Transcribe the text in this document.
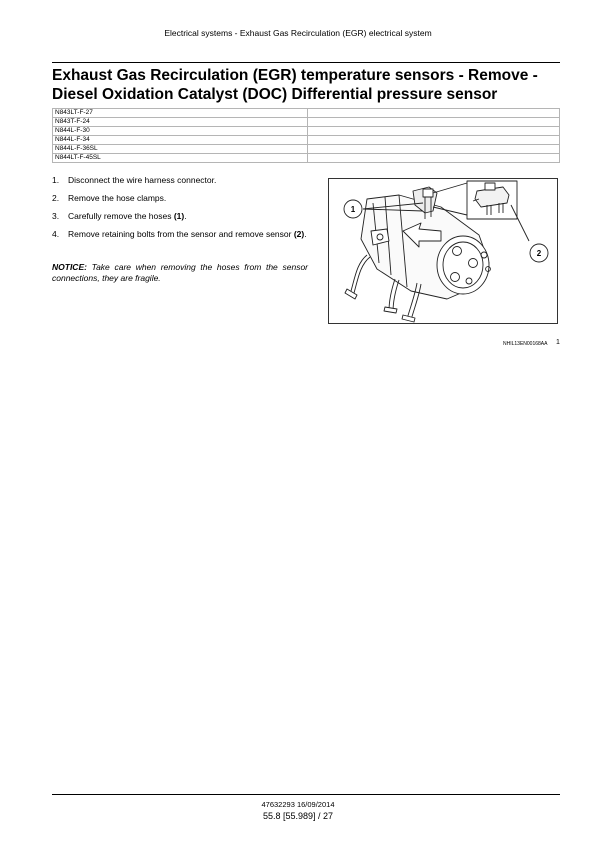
Electrical systems - Exhaust Gas Recirculation (EGR) electrical system
Exhaust Gas Recirculation (EGR) temperature sensors - Remove -
Diesel Oxidation Catalyst (DOC) Differential pressure sensor
N843LT-F-27	
N843T-F-24	
N844L-F-30	
N844L-F-34	
N844L-F-36SL	
N844LT-F-45SL	
1. Disconnect the wire harness connector.
2. Remove the hose clamps.
3. Carefully remove the hoses (1).
4. Remove retaining bolts from the sensor and remove sensor (2).

NOTICE: Take care when removing the hoses from the sensor connections, they are fragile.

1
2
NHIL13EN00168AA 1
47632293 16/09/2014
55.8 [55.989] / 27
